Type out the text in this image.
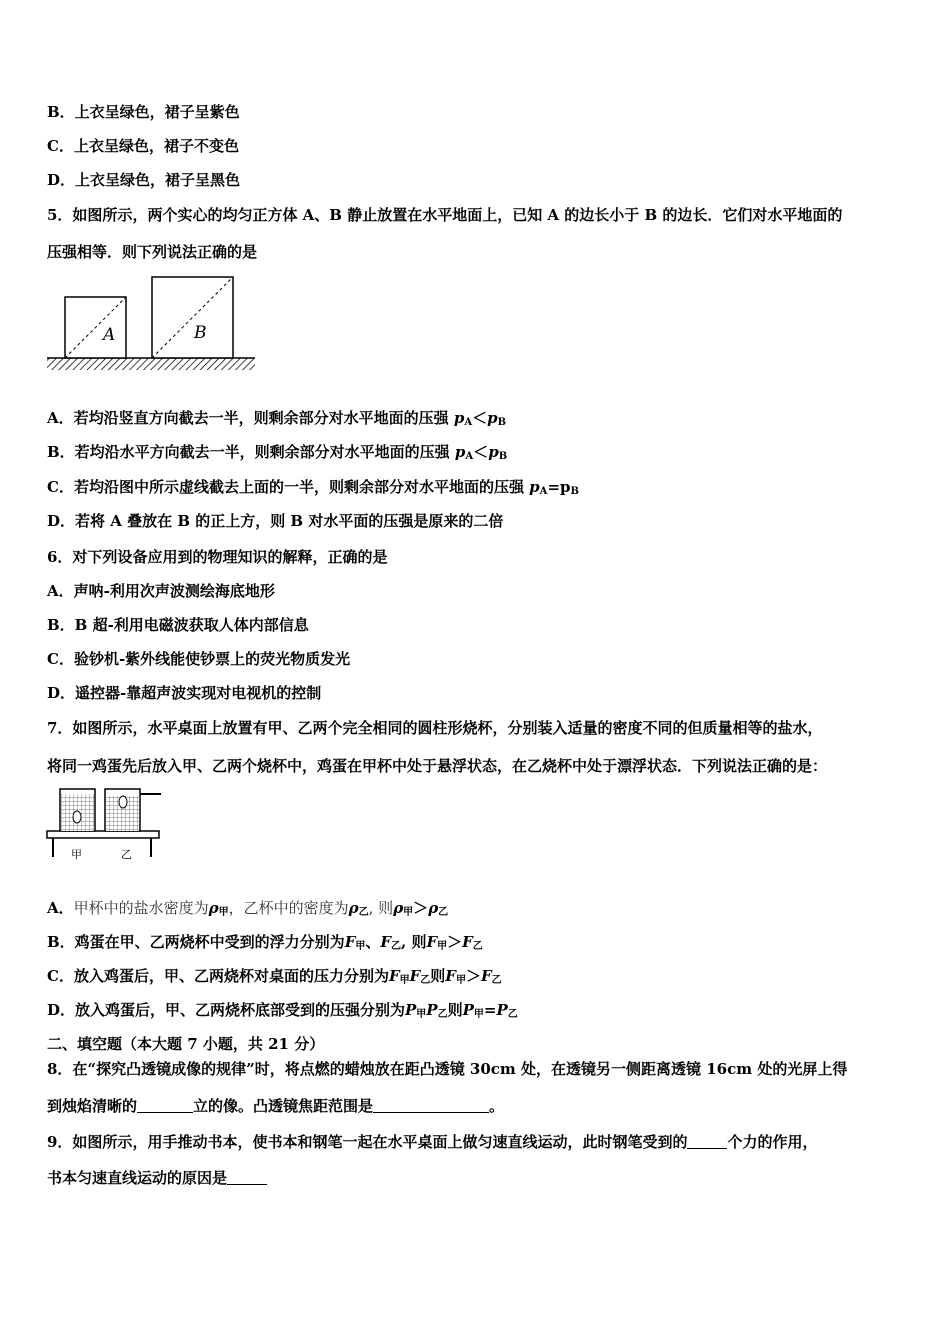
B．上衣呈绿色，裙子呈紫色
C．上衣呈绿色，裙子不变色
D．上衣呈绿色，裙子呈黑色
5．如图所示，两个实心的均匀正方体 A、B 静止放置在水平地面上，已知 A 的边长小于 B 的边长．它们对水平地面的
压强相等．则下列说法正确的是
A	B
A．若均沿竖直方向截去一半，则剩余部分对水平地面的压强 $p_A<p_B$
B．若均沿水平方向截去一半，则剩余部分对水平地面的压强 $p_A<p_B$
C．若均沿图中所示虚线截去上面的一半，则剩余部分对水平地面的压强 $p_A=p_B$
D．若将 A 叠放在 B 的正上方，则 B 对水平面的压强是原来的二倍
6．对下列设备应用到的物理知识的解释，正确的是
A．声呐-利用次声波测绘海底地形
B．B 超-利用电磁波获取人体内部信息
C．验钞机-紫外线能使钞票上的荧光物质发光
D．遥控器-靠超声波实现对电视机的控制
7．如图所示，水平桌面上放置有甲、乙两个完全相同的圆柱形烧杯，分别装入适量的密度不同的但质量相等的盐水，
将同一鸡蛋先后放入甲、乙两个烧杯中，鸡蛋在甲杯中处于悬浮状态，在乙烧杯中处于漂浮状态．下列说法正确的是：
甲	乙
A．甲杯中的盐水密度为$\rho_甲$，乙杯中的密度为$\rho_乙$, 则$\rho_甲>\rho_乙$
B．鸡蛋在甲、乙两烧杯中受到的浮力分别为$F_甲$、$F_乙$, 则$F_甲>F_乙$
C．放入鸡蛋后，甲、乙两烧杯对桌面的压力分别为$F_甲F_乙$则$F_甲>F_乙$
D．放入鸡蛋后，甲、乙两烧杯底部受到的压强分别为$P_甲P_乙$则$P_甲=P_乙$
二、填空题（本大题 7 小题，共 21 分）
8．在“探究凸透镜成像的规律”时，将点燃的蜡烛放在距凸透镜 30cm 处，在透镜另一侧距离透镜 16cm 处的光屏上得
到烛焰清晰的	立的像。凸透镜焦距范围是	。
9．如图所示，用手推动书本，使书本和钢笔一起在水平桌面上做匀速直线运动，此时钢笔受到的	个力的作用，
书本匀速直线运动的原因是
